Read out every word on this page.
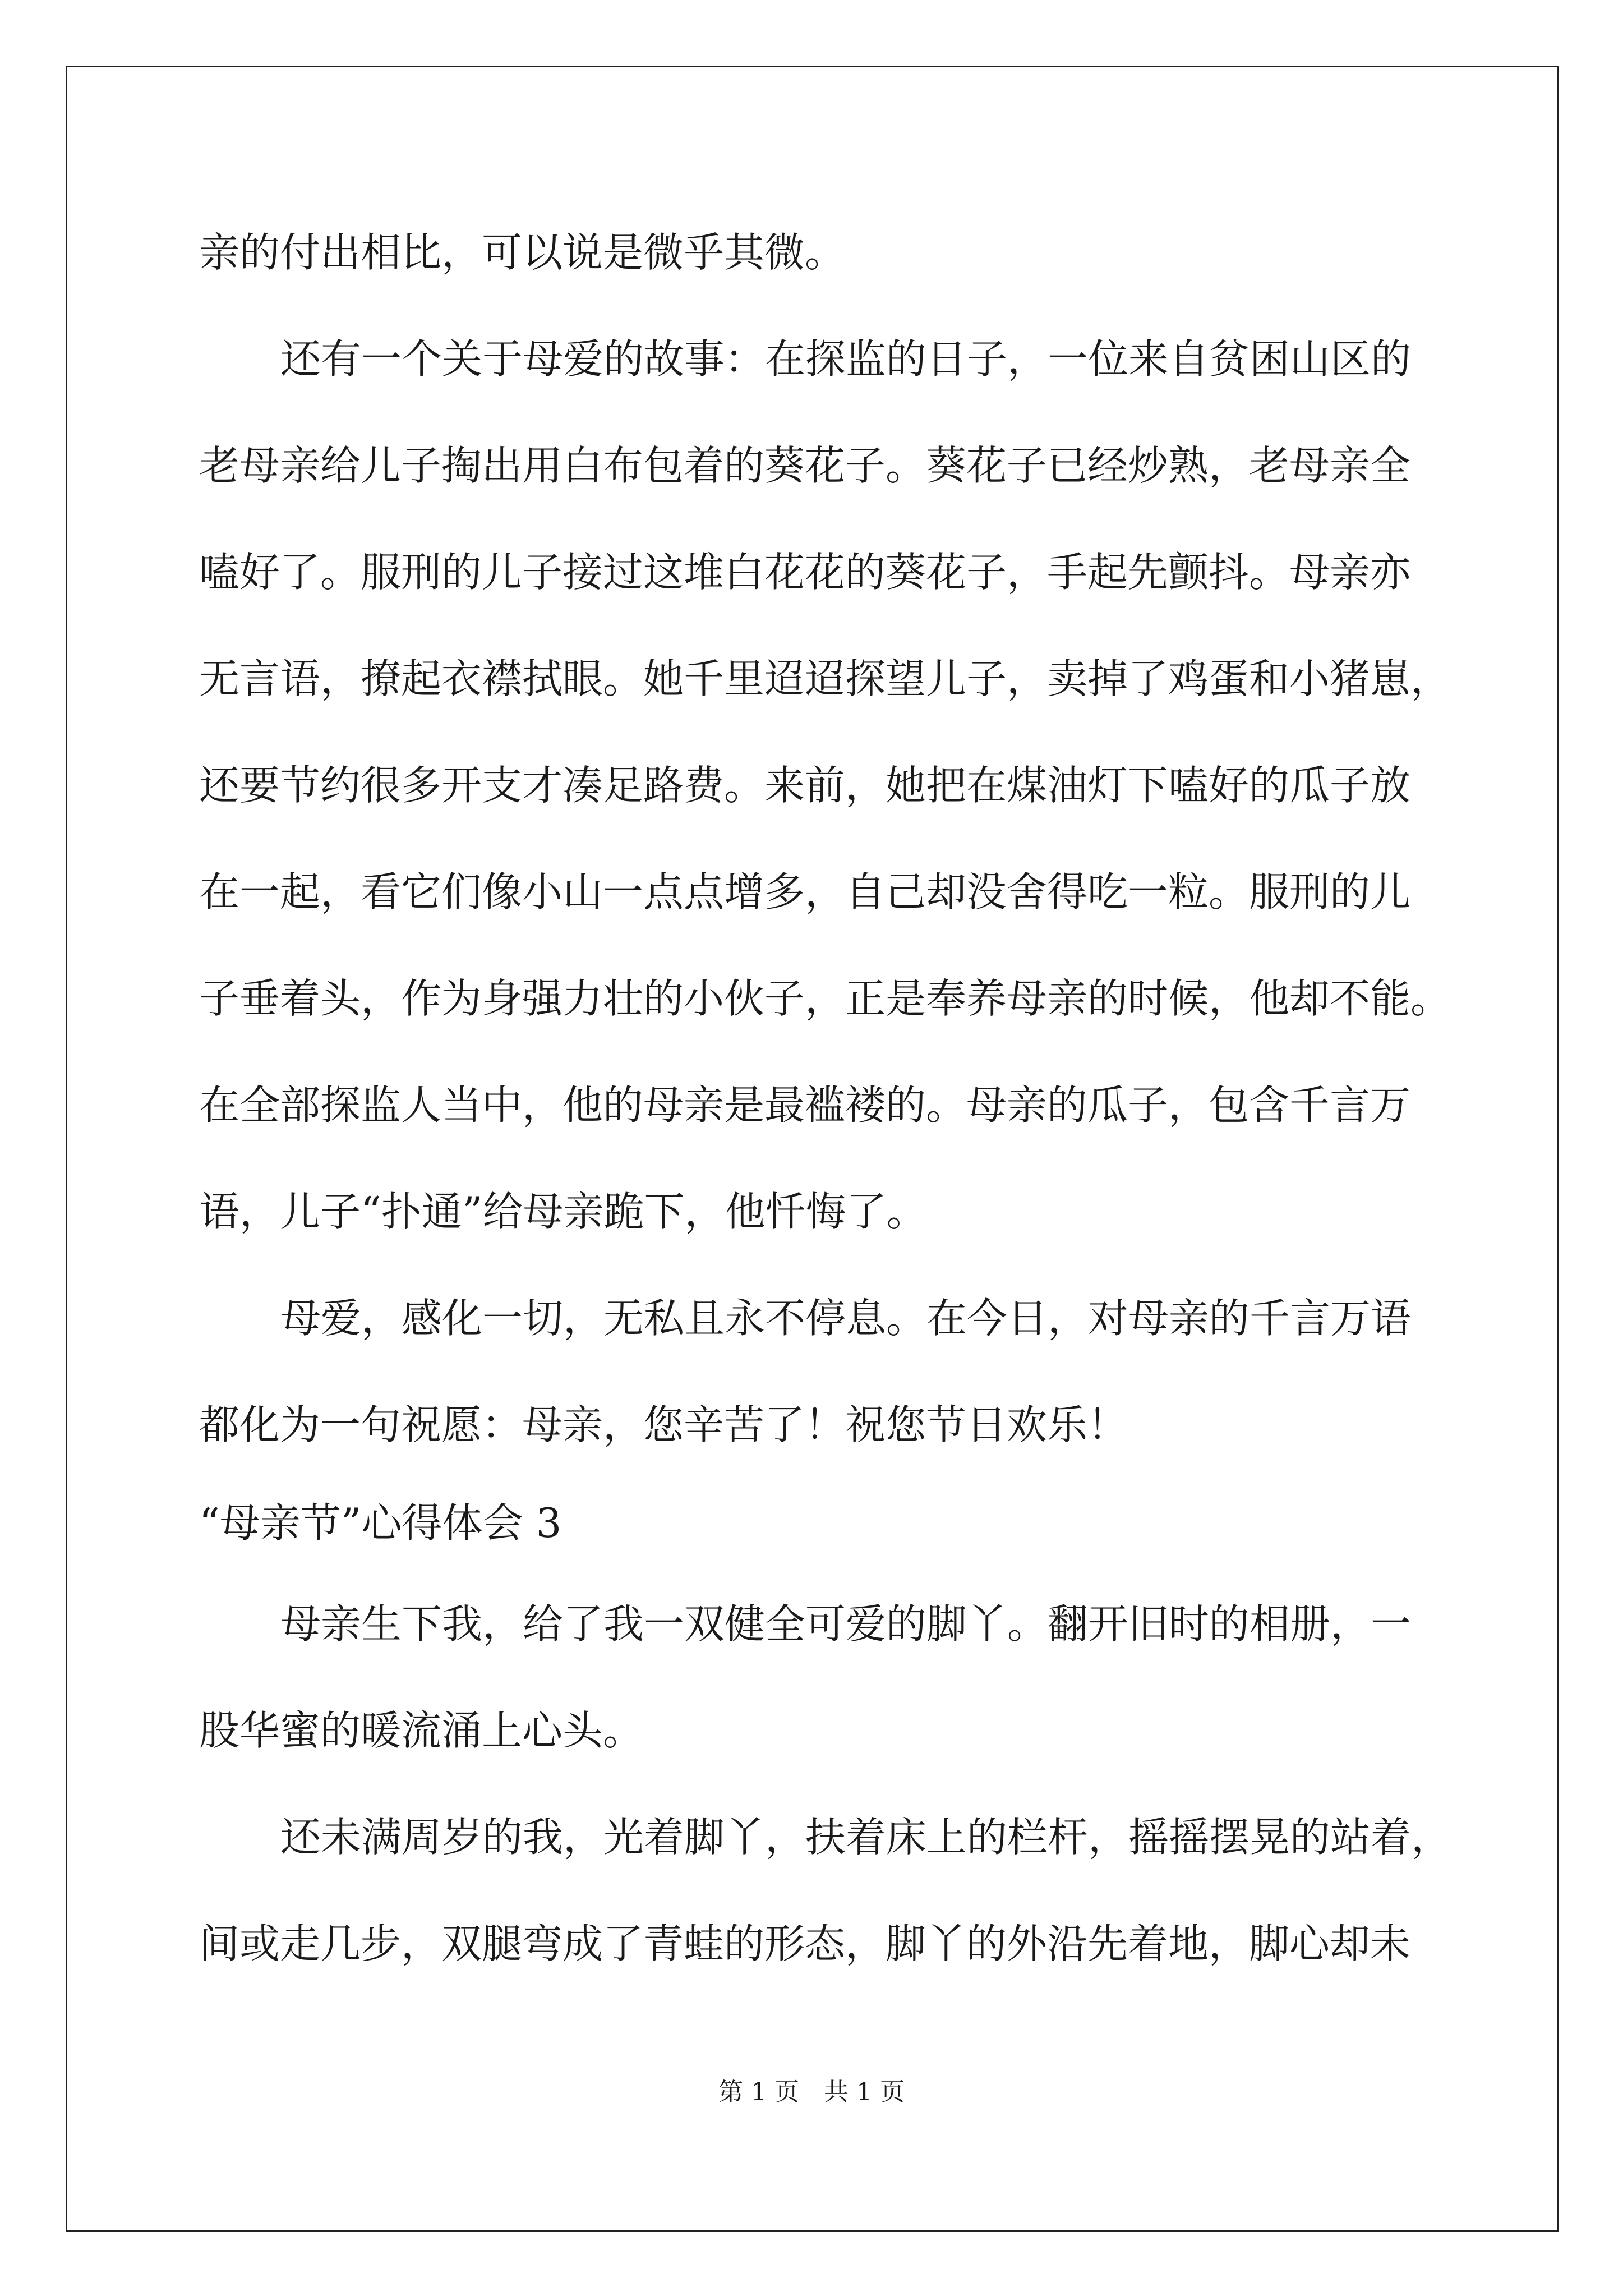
亲的付出相比，可以说是微乎其微。
还有一个关于母爱的故事：在探监的日子，一位来自贫困山区的
老母亲给儿子掏出用白布包着的葵花子。葵花子已经炒熟，老母亲全
嗑好了。服刑的儿子接过这堆白花花的葵花子，手起先颤抖。母亲亦
无言语，撩起衣襟拭眼。她千里迢迢探望儿子，卖掉了鸡蛋和小猪崽，
还要节约很多开支才凑足路费。来前，她把在煤油灯下嗑好的瓜子放
在一起，看它们像小山一点点增多，自己却没舍得吃一粒。服刑的儿
子垂着头，作为身强力壮的小伙子，正是奉养母亲的时候，他却不能。
在全部探监人当中，他的母亲是最褴褛的。母亲的瓜子，包含千言万
语，儿子“扑通”给母亲跪下，他忏悔了。
母爱，感化一切，无私且永不停息。在今日，对母亲的千言万语
都化为一句祝愿：母亲，您辛苦了！祝您节日欢乐！
“母亲节”心得体会 3
母亲生下我，给了我一双健全可爱的脚丫。翻开旧时的相册，一
股华蜜的暖流涌上心头。
还未满周岁的我，光着脚丫，扶着床上的栏杆，摇摇摆晃的站着，
间或走几步，双腿弯成了青蛙的形态，脚丫的外沿先着地，脚心却未
第 1 页　共 1 页
